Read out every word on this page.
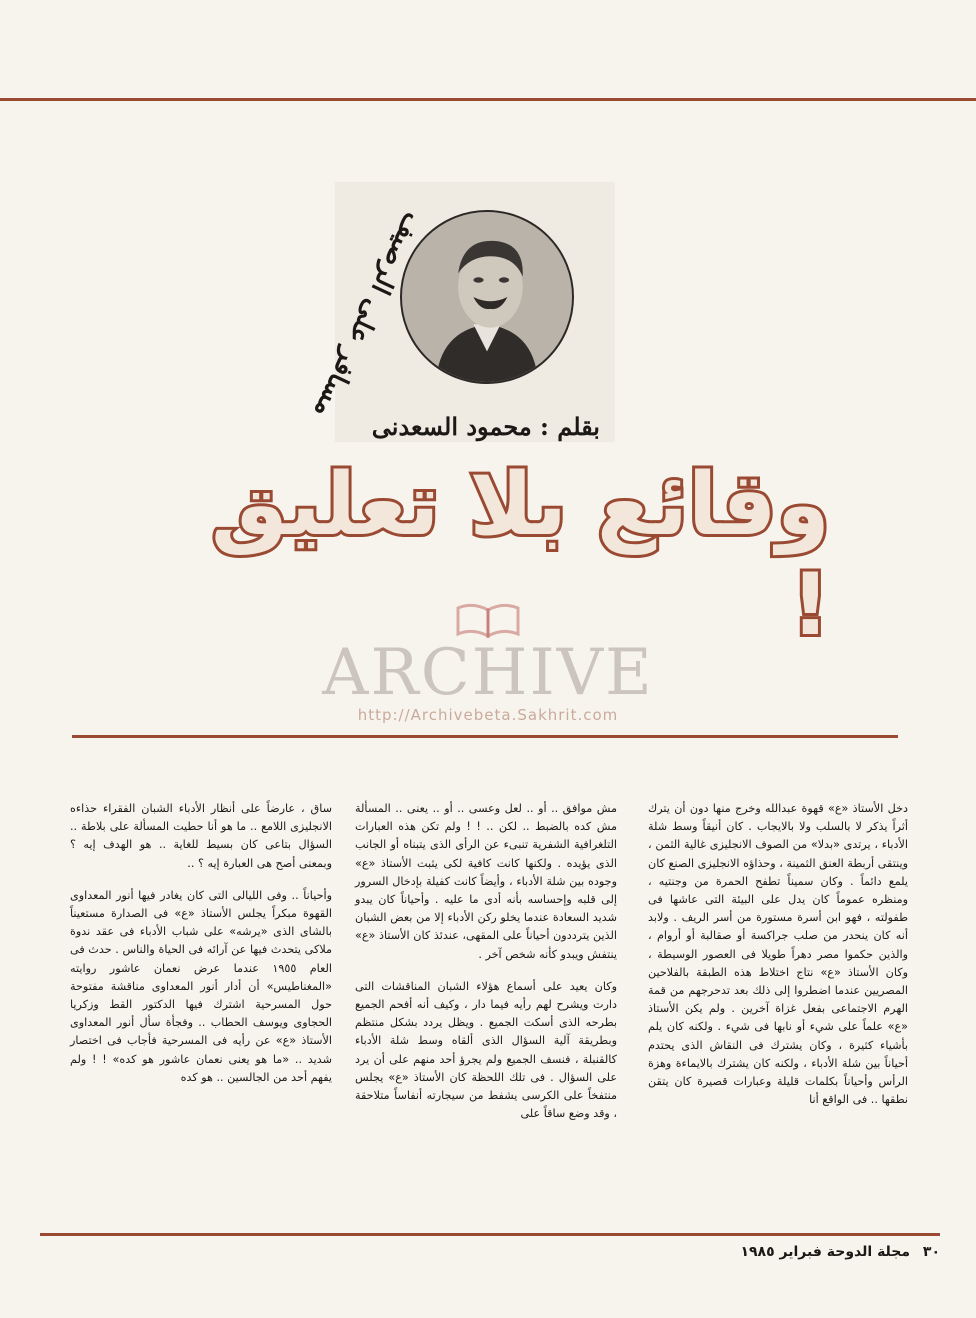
مسافر على الرصيف
بقلم : محمود السعدنى
وقائع بلا تعليق !
ARCHIVE
http://Archivebeta.Sakhrit.com

دخل الأستاذ «ع» قهوة عبدالله وخرج منها دون أن يترك أثراً يذكر لا بالسلب ولا بالايجاب . كان أنيقاً وسط شلة الأدباء ، يرتدى «بدلا» من الصوف الانجليزى غالية الثمن ، وينتقى أربطة العنق الثمينة ، وحذاؤه الانجليزى الصنع كان يلمع دائماً . وكان سميناً تطفح الحمرة من وجنتيه ، ومنظره عموماً كان يدل على البيئة التى عاشها فى طفولته ، فهو ابن أسرة مستورة من أسر الريف . ولابد أنه كان ينحدر من صلب جراكسة أو صقالبة أو أروام ، والذين حكموا مصر دهراً طويلا فى العصور الوسيطة ، وكان الأستاذ «ع» نتاج اختلاط هذه الطبقة بالفلاحين المصريين عندما اضطروا إلى ذلك بعد تدحرجهم من قمة الهرم الاجتماعى بفعل غزاة آخرين . ولم يكن الأستاذ «ع» علماً على شيء أو نابها فى شيء . ولكنه كان يلم بأشياء كثيرة ، وكان يشترك فى النقاش الذى يحتدم أحياناً بين شلة الأدباء ، ولكنه كان يشترك بالايماءة وهزة الرأس وأحياناً بكلمات قليلة وعبارات قصيرة كان يتقن نطقها .. فى الواقع أنا

مش موافق .. أو .. لعل وعسى .. أو .. يعنى .. المسألة مش كده بالضبط .. لكن .. ! ! ولم تكن هذه العبارات التلغرافية الشفرية تنبىء عن الرأى الذى يتبناه أو الجانب الذى يؤيده . ولكنها كانت كافية لكى يثبت الأستاذ «ع» وجوده بين شلة الأدباء ، وأيضاً كانت كفيلة بإدخال السرور إلى قلبه وإحساسه بأنه أدى ما عليه . وأحياناً كان يبدو شديد السعادة عندما يخلو ركن الأدباء إلا من بعض الشبان الذين يترددون أحياناً على المقهى، عندئذ كان الأستاذ «ع» ينتفش ويبدو كأنه شخص آخر .

وكان يعيد على أسماع هؤلاء الشبان المناقشات التى دارت ويشرح لهم رأيه فيما دار ، وكيف أنه أفحم الجميع بطرحه الذى أسكت الجميع . ويظل يردد بشكل منتظم وبطريقة آلية السؤال الذى ألقاه وسط شلة الأدباء كالقنبلة ، فنسف الجميع ولم يجرؤ أحد منهم على أن يرد على السؤال . فى تلك اللحظة كان الأستاذ «ع» يجلس منتفخاً على الكرسى يشفط من سيجارته أنفاساً متلاحقة ، وقد وضع ساقاً على

ساق ، عارضاً على أنظار الأدباء الشبان الفقراء حذاءه الانجليزى اللامع .. ما هو أنا حطيت المسألة على بلاطة .. السؤال بتاعى كان بسيط للغاية .. هو الهدف إيه ؟ وبمعنى أصح هى العبارة إيه ؟ ..

وأحياناً .. وفى الليالى التى كان يغادر فيها أنور المعداوى القهوة مبكراً يجلس الأستاذ «ع» فى الصدارة مستعيناً بالشاى الذى «يرشه» على شباب الأدباء فى عقد ندوة ملاكى يتحدث فيها عن آرائه فى الحياة والناس . حدث فى العام ١٩٥٥ عندما عرض نعمان عاشور روايته «المغناطيس» أن أدار أنور المعداوى مناقشة مفتوحة حول المسرحية اشترك فيها الدكتور القط وزكريا الحجاوى ويوسف الحطاب .. وفجأة سأل أنور المعداوى الأستاذ «ع» عن رأيه فى المسرحية فأجاب فى اختصار شديد .. «ما هو يعنى نعمان عاشور هو كده» ! ! ولم يفهم أحد من الجالسين .. هو كده

٣٠ مجلة الدوحة فبراير ١٩٨٥
